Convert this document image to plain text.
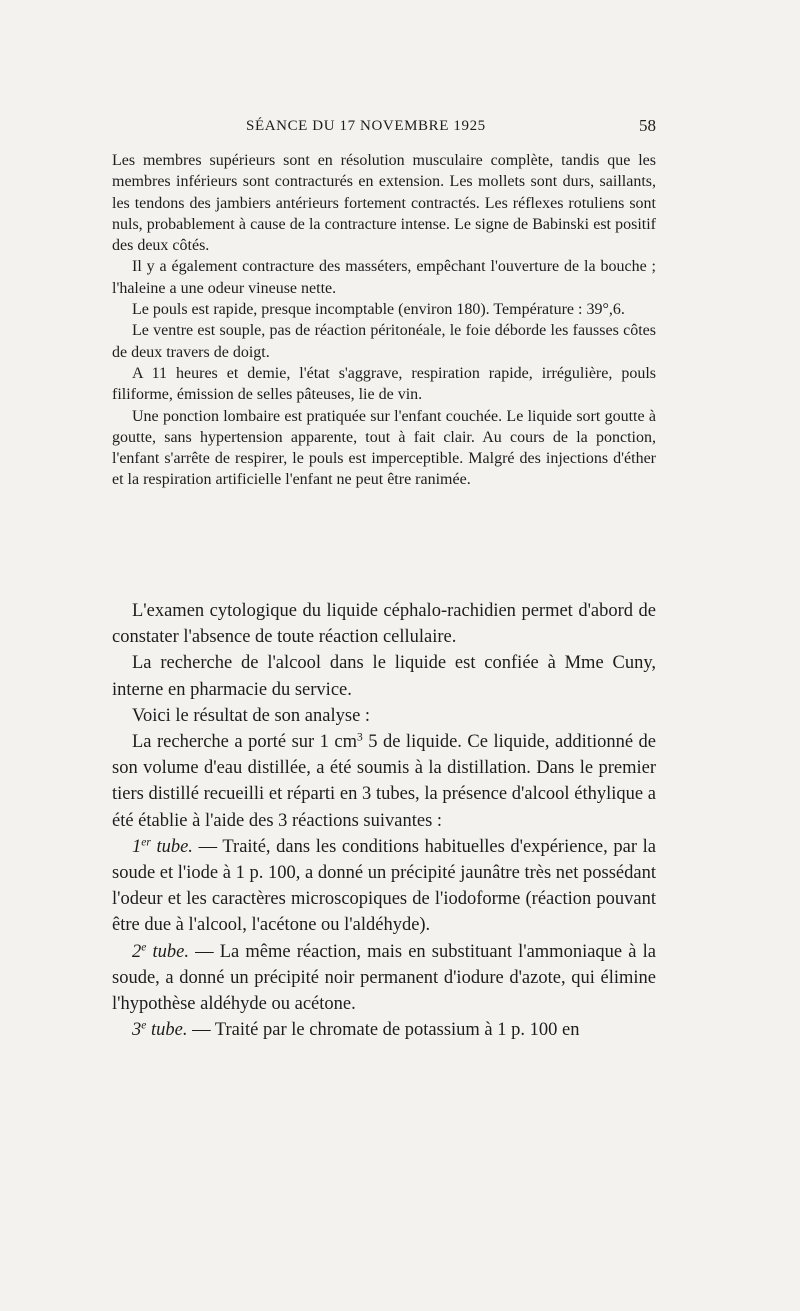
SÉANCE DU 17 NOVEMBRE 1925	58

Les membres supérieurs sont en résolution musculaire complète, tandis que les membres inférieurs sont contracturés en extension. Les mollets sont durs, saillants, les tendons des jambiers antérieurs fortement contractés. Les réflexes rotuliens sont nuls, probablement à cause de la contracture intense. Le signe de Babinski est positif des deux côtés.

Il y a également contracture des masséters, empêchant l'ouverture de la bouche ; l'haleine a une odeur vineuse nette.

Le pouls est rapide, presque incomptable (environ 180). Température : 39°,6.

Le ventre est souple, pas de réaction péritonéale, le foie déborde les fausses côtes de deux travers de doigt.

A 11 heures et demie, l'état s'aggrave, respiration rapide, irrégulière, pouls filiforme, émission de selles pâteuses, lie de vin.

Une ponction lombaire est pratiquée sur l'enfant couchée. Le liquide sort goutte à goutte, sans hypertension apparente, tout à fait clair. Au cours de la ponction, l'enfant s'arrête de respirer, le pouls est imperceptible. Malgré des injections d'éther et la respiration artificielle l'enfant ne peut être ranimée.

L'examen cytologique du liquide céphalo-rachidien permet d'abord de constater l'absence de toute réaction cellulaire.

La recherche de l'alcool dans le liquide est confiée à Mme Cuny, interne en pharmacie du service.

Voici le résultat de son analyse :

La recherche a porté sur 1 $cm^3$ 5 de liquide. Ce liquide, additionné de son volume d'eau distillée, a été soumis à la distillation. Dans le premier tiers distillé recueilli et réparti en 3 tubes, la présence d'alcool éthylique a été établie à l'aide des 3 réactions suivantes :

1er tube. — Traité, dans les conditions habituelles d'expérience, par la soude et l'iode à 1 p. 100, a donné un précipité jaunâtre très net possédant l'odeur et les caractères microscopiques de l'iodoforme (réaction pouvant être due à l'alcool, l'acétone ou l'aldéhyde).

2e tube. — La même réaction, mais en substituant l'ammoniaque à la soude, a donné un précipité noir permanent d'iodure d'azote, qui élimine l'hypothèse aldéhyde ou acétone.

3e tube. — Traité par le chromate de potassium à 1 p. 100 en
